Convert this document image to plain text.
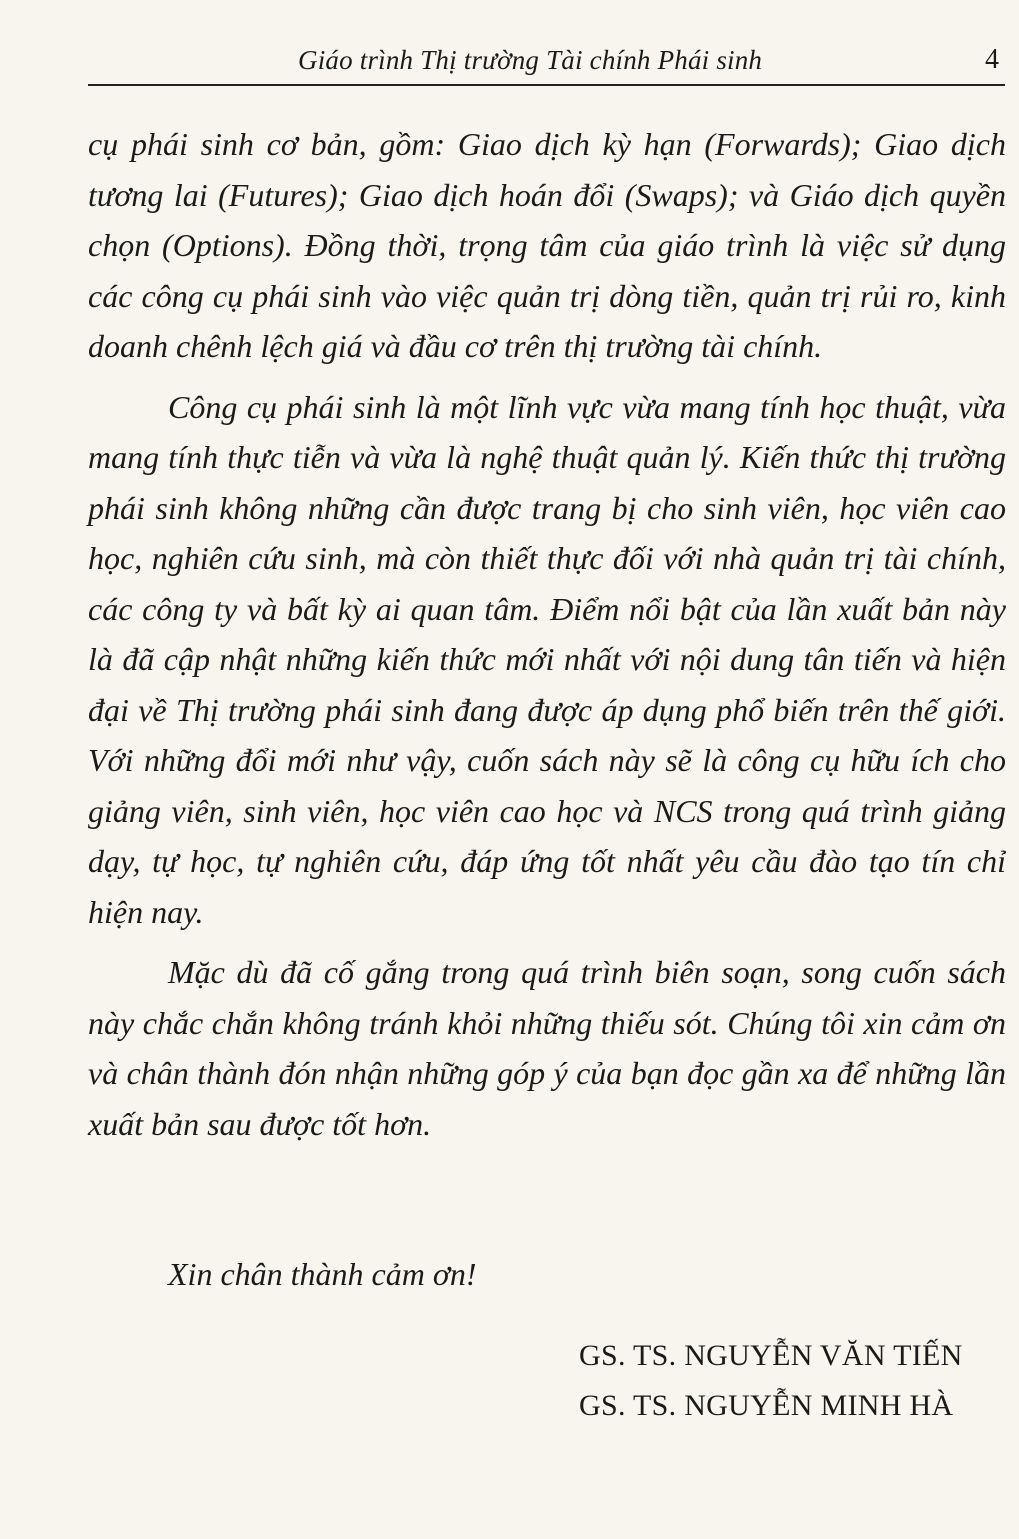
Giáo trình Thị trường Tài chính Phái sinh	4

cụ phái sinh cơ bản, gồm: Giao dịch kỳ hạn (Forwards); Giao dịch tương lai (Futures); Giao dịch hoán đổi (Swaps); và Giáo dịch quyền chọn (Options). Đồng thời, trọng tâm của giáo trình là việc sử dụng các công cụ phái sinh vào việc quản trị dòng tiền, quản trị rủi ro, kinh doanh chênh lệch giá và đầu cơ trên thị trường tài chính.

Công cụ phái sinh là một lĩnh vực vừa mang tính học thuật, vừa mang tính thực tiễn và vừa là nghệ thuật quản lý. Kiến thức thị trường phái sinh không những cần được trang bị cho sinh viên, học viên cao học, nghiên cứu sinh, mà còn thiết thực đối với nhà quản trị tài chính, các công ty và bất kỳ ai quan tâm. Điểm nổi bật của lần xuất bản này là đã cập nhật những kiến thức mới nhất với nội dung tân tiến và hiện đại về Thị trường phái sinh đang được áp dụng phổ biến trên thế giới. Với những đổi mới như vậy, cuốn sách này sẽ là công cụ hữu ích cho giảng viên, sinh viên, học viên cao học và NCS trong quá trình giảng dạy, tự học, tự nghiên cứu, đáp ứng tốt nhất yêu cầu đào tạo tín chỉ hiện nay.

Mặc dù đã cố gắng trong quá trình biên soạn, song cuốn sách này chắc chắn không tránh khỏi những thiếu sót. Chúng tôi xin cảm ơn và chân thành đón nhận những góp ý của bạn đọc gần xa để những lần xuất bản sau được tốt hơn.

Xin chân thành cảm ơn!
GS. TS. NGUYỄN VĂN TIẾN
GS. TS. NGUYỄN MINH HÀ
